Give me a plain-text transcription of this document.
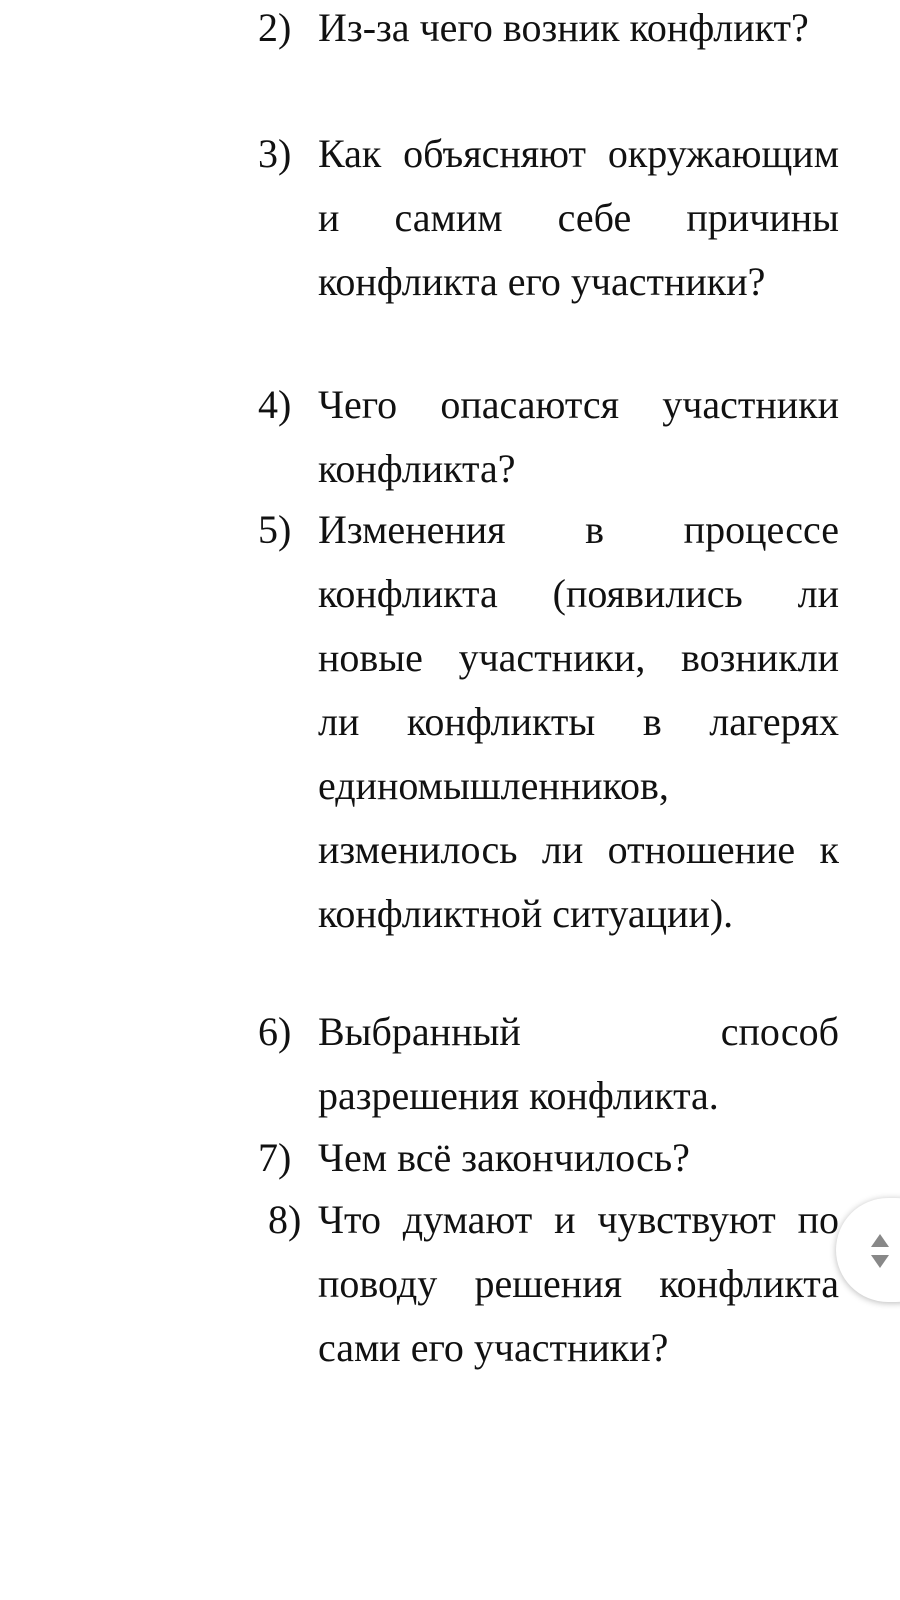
2) Из-за чего возник конфликт?
3) Как объясняют окружающим и самим себе причины конфликта его участники?
4) Чего опасаются участники конфликта?
5) Изменения в процессе конфликта (появились ли новые участники, возникли ли конфликты в лагерях единомышленников, изменилось ли отношение к конфликтной ситуации).
6) Выбранный способ разрешения конфликта.
7) Чем всё закончилось?
8) Что думают и чувствуют по поводу решения конфликта сами его участники?
